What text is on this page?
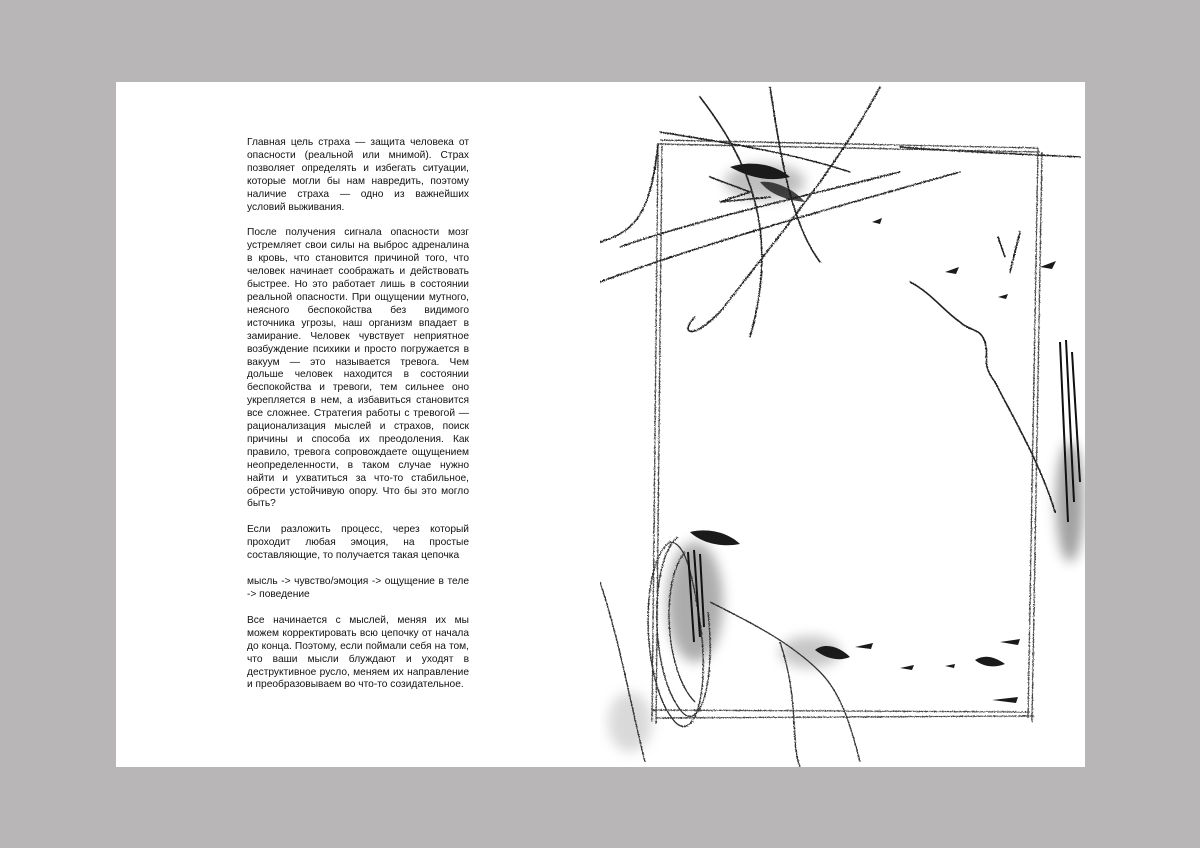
Главная цель страха — защита человека от опасности (реальной или мнимой). Страх позволяет определять и избегать ситуации, которые могли бы нам навредить, поэтому наличие страха — одно из важнейших условий выживания.

После получения сигнала опасности мозг устремляет свои силы на выброс адреналина в кровь, что становится причиной того, что человек начинает соображать и действовать быстрее. Но это работает лишь в состоянии реальной опасности. При ощущении мутного, неясного беспокойства без видимого источника угрозы, наш организм впадает в замирание. Человек чувствует неприятное возбуждение психики и просто погружается в вакуум — это называется тревога. Чем дольше человек находится в состоянии беспокойства и тревоги, тем сильнее оно укрепляется в нем, а избавиться становится все сложнее. Стратегия работы с тревогой — рационализация мыслей и страхов, поиск причины и способа их преодоления. Как правило, тревога сопровождаете ощущением неопределенности, в таком случае нужно найти и ухватиться за что-то стабильное, обрести устойчивую опору. Что бы это могло быть?

Если разложить процесс, через который проходит любая эмоция, на простые составляющие, то получается такая цепочка

мысль -> чувство/эмоция -> ощущение в теле -> поведение

Все начинается с мыслей, меняя их мы можем корректировать всю цепочку от начала до конца. Поэтому, если поймали себя на том, что ваши мысли блуждают и уходят в деструктивное русло, меняем их направление и преобразовываем во что-то созидательное.
